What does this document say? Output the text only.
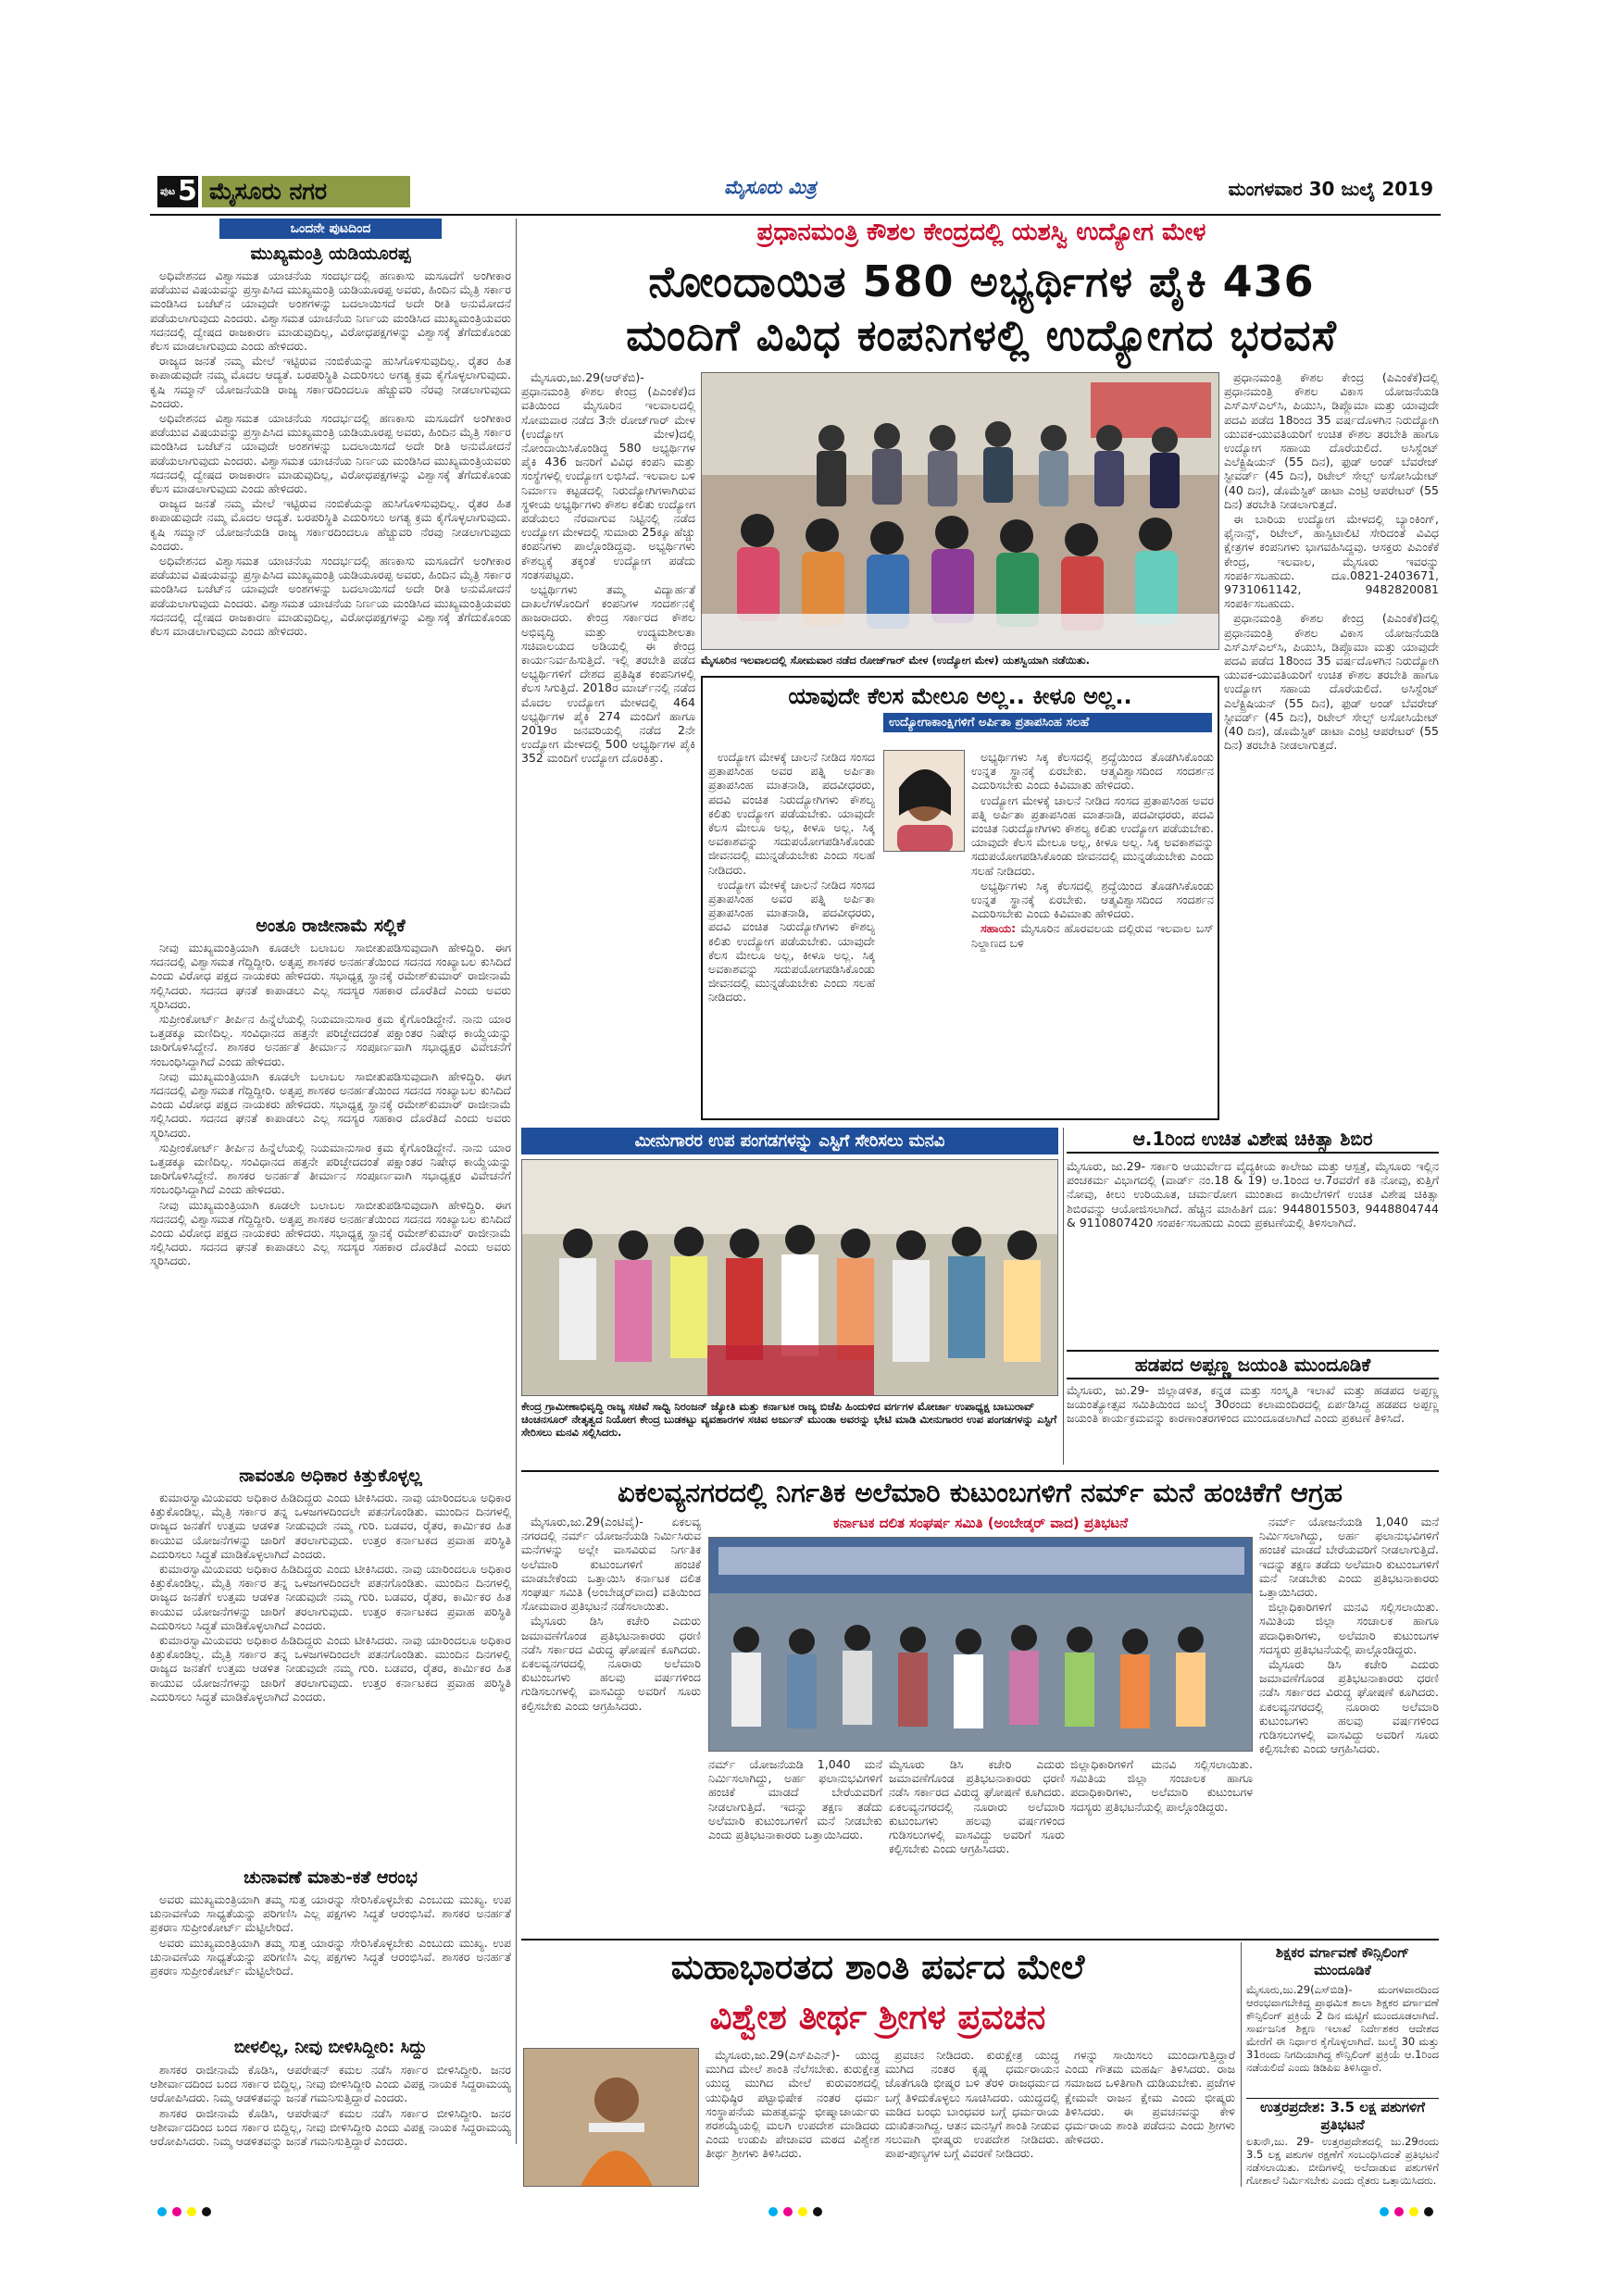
ಪುಟ 5 ಮೈಸೂರು ನಗರ	ಮೈಸೂರು ಮಿತ್ರ	ಮಂಗಳವಾರ 30 ಜುಲೈ 2019
ಒಂದನೇ ಪುಟದಿಂದ
ಮುಖ್ಯಮಂತ್ರಿ ಯಡಿಯೂರಪ್ಪ

ಅಧಿವೇಶನದ ವಿಶ್ವಾಸಮತ ಯಾಚನೆಯ ಸಂದರ್ಭದಲ್ಲಿ ಹಣಕಾಸು ಮಸೂದೆಗೆ ಅಂಗೀಕಾರ ಪಡೆಯುವ ವಿಷಯವನ್ನು ಪ್ರಸ್ತಾಪಿಸಿದ ಮುಖ್ಯಮಂತ್ರಿ ಯಡಿಯೂರಪ್ಪ ಅವರು, ಹಿಂದಿನ ಮೈತ್ರಿ ಸರ್ಕಾರ ಮಂಡಿಸಿದ ಬಜೆಟ್‌ನ ಯಾವುದೇ ಅಂಶಗಳನ್ನು ಬದಲಾಯಿಸದೆ ಅದೇ ರೀತಿ ಅನುಮೋದನೆ ಪಡೆಯಲಾಗುವುದು ಎಂದರು. ವಿಶ್ವಾಸಮತ ಯಾಚನೆಯ ನಿರ್ಣಯ ಮಂಡಿಸಿದ ಮುಖ್ಯಮಂತ್ರಿಯವರು ಸದನದಲ್ಲಿ ದ್ವೇಷದ ರಾಜಕಾರಣ ಮಾಡುವುದಿಲ್ಲ, ವಿರೋಧಪಕ್ಷಗಳನ್ನು ವಿಶ್ವಾಸಕ್ಕೆ ತೆಗೆದುಕೊಂಡು ಕೆಲಸ ಮಾಡಲಾಗುವುದು ಎಂದು ಹೇಳಿದರು.

ರಾಜ್ಯದ ಜನತೆ ನಮ್ಮ ಮೇಲೆ ಇಟ್ಟಿರುವ ನಂಬಿಕೆಯನ್ನು ಹುಸಿಗೊಳಿಸುವುದಿಲ್ಲ. ರೈತರ ಹಿತ ಕಾಪಾಡುವುದೇ ನಮ್ಮ ಮೊದಲ ಆದ್ಯತೆ. ಬರಪರಿಸ್ಥಿತಿ ಎದುರಿಸಲು ಅಗತ್ಯ ಕ್ರಮ ಕೈಗೊಳ್ಳಲಾಗುವುದು. ಕೃಷಿ ಸಮ್ಮಾನ್ ಯೋಜನೆಯಡಿ ರಾಜ್ಯ ಸರ್ಕಾರದಿಂದಲೂ ಹೆಚ್ಚುವರಿ ನೆರವು ನೀಡಲಾಗುವುದು ಎಂದರು.

ಅಧಿವೇಶನದ ವಿಶ್ವಾಸಮತ ಯಾಚನೆಯ ಸಂದರ್ಭದಲ್ಲಿ ಹಣಕಾಸು ಮಸೂದೆಗೆ ಅಂಗೀಕಾರ ಪಡೆಯುವ ವಿಷಯವನ್ನು ಪ್ರಸ್ತಾಪಿಸಿದ ಮುಖ್ಯಮಂತ್ರಿ ಯಡಿಯೂರಪ್ಪ ಅವರು, ಹಿಂದಿನ ಮೈತ್ರಿ ಸರ್ಕಾರ ಮಂಡಿಸಿದ ಬಜೆಟ್‌ನ ಯಾವುದೇ ಅಂಶಗಳನ್ನು ಬದಲಾಯಿಸದೆ ಅದೇ ರೀತಿ ಅನುಮೋದನೆ ಪಡೆಯಲಾಗುವುದು ಎಂದರು. ವಿಶ್ವಾಸಮತ ಯಾಚನೆಯ ನಿರ್ಣಯ ಮಂಡಿಸಿದ ಮುಖ್ಯಮಂತ್ರಿಯವರು ಸದನದಲ್ಲಿ ದ್ವೇಷದ ರಾಜಕಾರಣ ಮಾಡುವುದಿಲ್ಲ, ವಿರೋಧಪಕ್ಷಗಳನ್ನು ವಿಶ್ವಾಸಕ್ಕೆ ತೆಗೆದುಕೊಂಡು ಕೆಲಸ ಮಾಡಲಾಗುವುದು ಎಂದು ಹೇಳಿದರು.

ರಾಜ್ಯದ ಜನತೆ ನಮ್ಮ ಮೇಲೆ ಇಟ್ಟಿರುವ ನಂಬಿಕೆಯನ್ನು ಹುಸಿಗೊಳಿಸುವುದಿಲ್ಲ. ರೈತರ ಹಿತ ಕಾಪಾಡುವುದೇ ನಮ್ಮ ಮೊದಲ ಆದ್ಯತೆ. ಬರಪರಿಸ್ಥಿತಿ ಎದುರಿಸಲು ಅಗತ್ಯ ಕ್ರಮ ಕೈಗೊಳ್ಳಲಾಗುವುದು. ಕೃಷಿ ಸಮ್ಮಾನ್ ಯೋಜನೆಯಡಿ ರಾಜ್ಯ ಸರ್ಕಾರದಿಂದಲೂ ಹೆಚ್ಚುವರಿ ನೆರವು ನೀಡಲಾಗುವುದು ಎಂದರು.

ಅಧಿವೇಶನದ ವಿಶ್ವಾಸಮತ ಯಾಚನೆಯ ಸಂದರ್ಭದಲ್ಲಿ ಹಣಕಾಸು ಮಸೂದೆಗೆ ಅಂಗೀಕಾರ ಪಡೆಯುವ ವಿಷಯವನ್ನು ಪ್ರಸ್ತಾಪಿಸಿದ ಮುಖ್ಯಮಂತ್ರಿ ಯಡಿಯೂರಪ್ಪ ಅವರು, ಹಿಂದಿನ ಮೈತ್ರಿ ಸರ್ಕಾರ ಮಂಡಿಸಿದ ಬಜೆಟ್‌ನ ಯಾವುದೇ ಅಂಶಗಳನ್ನು ಬದಲಾಯಿಸದೆ ಅದೇ ರೀತಿ ಅನುಮೋದನೆ ಪಡೆಯಲಾಗುವುದು ಎಂದರು. ವಿಶ್ವಾಸಮತ ಯಾಚನೆಯ ನಿರ್ಣಯ ಮಂಡಿಸಿದ ಮುಖ್ಯಮಂತ್ರಿಯವರು ಸದನದಲ್ಲಿ ದ್ವೇಷದ ರಾಜಕಾರಣ ಮಾಡುವುದಿಲ್ಲ, ವಿರೋಧಪಕ್ಷಗಳನ್ನು ವಿಶ್ವಾಸಕ್ಕೆ ತೆಗೆದುಕೊಂಡು ಕೆಲಸ ಮಾಡಲಾಗುವುದು ಎಂದು ಹೇಳಿದರು.

ಅಂತೂ ರಾಜೀನಾಮೆ ಸಲ್ಲಿಕೆ

ನೀವು ಮುಖ್ಯಮಂತ್ರಿಯಾಗಿ ಕೂಡಲೇ ಬಲಾಬಲ ಸಾಬೀತುಪಡಿಸುವುದಾಗಿ ಹೇಳಿದ್ದಿರಿ. ಈಗ ಸದನದಲ್ಲಿ ವಿಶ್ವಾಸಮತ ಗೆದ್ದಿದ್ದೀರಿ. ಅತೃಪ್ತ ಶಾಸಕರ ಅನರ್ಹತೆಯಿಂದ ಸದನದ ಸಂಖ್ಯಾಬಲ ಕುಸಿದಿದೆ ಎಂದು ವಿರೋಧ ಪಕ್ಷದ ನಾಯಕರು ಹೇಳಿದರು. ಸಭಾಧ್ಯಕ್ಷ ಸ್ಥಾನಕ್ಕೆ ರಮೇಶ್‌ಕುಮಾರ್ ರಾಜೀನಾಮೆ ಸಲ್ಲಿಸಿದರು. ಸದನದ ಘನತೆ ಕಾಪಾಡಲು ಎಲ್ಲ ಸದಸ್ಯರ ಸಹಕಾರ ದೊರೆತಿದೆ ಎಂದು ಅವರು ಸ್ಮರಿಸಿದರು.

ಸುಪ್ರೀಂಕೋರ್ಟ್ ತೀರ್ಪಿನ ಹಿನ್ನೆಲೆಯಲ್ಲಿ ನಿಯಮಾನುಸಾರ ಕ್ರಮ ಕೈಗೊಂಡಿದ್ದೇನೆ. ನಾನು ಯಾರ ಒತ್ತಡಕ್ಕೂ ಮಣಿದಿಲ್ಲ. ಸಂವಿಧಾನದ ಹತ್ತನೇ ಪರಿಚ್ಛೇದದಂತೆ ಪಕ್ಷಾಂತರ ನಿಷೇಧ ಕಾಯ್ದೆಯನ್ನು ಜಾರಿಗೊಳಿಸಿದ್ದೇನೆ. ಶಾಸಕರ ಅನರ್ಹತೆ ತೀರ್ಮಾನ ಸಂಪೂರ್ಣವಾಗಿ ಸಭಾಧ್ಯಕ್ಷರ ವಿವೇಚನೆಗೆ ಸಂಬಂಧಿಸಿದ್ದಾಗಿದೆ ಎಂದು ಹೇಳಿದರು.

ನೀವು ಮುಖ್ಯಮಂತ್ರಿಯಾಗಿ ಕೂಡಲೇ ಬಲಾಬಲ ಸಾಬೀತುಪಡಿಸುವುದಾಗಿ ಹೇಳಿದ್ದಿರಿ. ಈಗ ಸದನದಲ್ಲಿ ವಿಶ್ವಾಸಮತ ಗೆದ್ದಿದ್ದೀರಿ. ಅತೃಪ್ತ ಶಾಸಕರ ಅನರ್ಹತೆಯಿಂದ ಸದನದ ಸಂಖ್ಯಾಬಲ ಕುಸಿದಿದೆ ಎಂದು ವಿರೋಧ ಪಕ್ಷದ ನಾಯಕರು ಹೇಳಿದರು. ಸಭಾಧ್ಯಕ್ಷ ಸ್ಥಾನಕ್ಕೆ ರಮೇಶ್‌ಕುಮಾರ್ ರಾಜೀನಾಮೆ ಸಲ್ಲಿಸಿದರು. ಸದನದ ಘನತೆ ಕಾಪಾಡಲು ಎಲ್ಲ ಸದಸ್ಯರ ಸಹಕಾರ ದೊರೆತಿದೆ ಎಂದು ಅವರು ಸ್ಮರಿಸಿದರು.

ಸುಪ್ರೀಂಕೋರ್ಟ್ ತೀರ್ಪಿನ ಹಿನ್ನೆಲೆಯಲ್ಲಿ ನಿಯಮಾನುಸಾರ ಕ್ರಮ ಕೈಗೊಂಡಿದ್ದೇನೆ. ನಾನು ಯಾರ ಒತ್ತಡಕ್ಕೂ ಮಣಿದಿಲ್ಲ. ಸಂವಿಧಾನದ ಹತ್ತನೇ ಪರಿಚ್ಛೇದದಂತೆ ಪಕ್ಷಾಂತರ ನಿಷೇಧ ಕಾಯ್ದೆಯನ್ನು ಜಾರಿಗೊಳಿಸಿದ್ದೇನೆ. ಶಾಸಕರ ಅನರ್ಹತೆ ತೀರ್ಮಾನ ಸಂಪೂರ್ಣವಾಗಿ ಸಭಾಧ್ಯಕ್ಷರ ವಿವೇಚನೆಗೆ ಸಂಬಂಧಿಸಿದ್ದಾಗಿದೆ ಎಂದು ಹೇಳಿದರು.

ನೀವು ಮುಖ್ಯಮಂತ್ರಿಯಾಗಿ ಕೂಡಲೇ ಬಲಾಬಲ ಸಾಬೀತುಪಡಿಸುವುದಾಗಿ ಹೇಳಿದ್ದಿರಿ. ಈಗ ಸದನದಲ್ಲಿ ವಿಶ್ವಾಸಮತ ಗೆದ್ದಿದ್ದೀರಿ. ಅತೃಪ್ತ ಶಾಸಕರ ಅನರ್ಹತೆಯಿಂದ ಸದನದ ಸಂಖ್ಯಾಬಲ ಕುಸಿದಿದೆ ಎಂದು ವಿರೋಧ ಪಕ್ಷದ ನಾಯಕರು ಹೇಳಿದರು. ಸಭಾಧ್ಯಕ್ಷ ಸ್ಥಾನಕ್ಕೆ ರಮೇಶ್‌ಕುಮಾರ್ ರಾಜೀನಾಮೆ ಸಲ್ಲಿಸಿದರು. ಸದನದ ಘನತೆ ಕಾಪಾಡಲು ಎಲ್ಲ ಸದಸ್ಯರ ಸಹಕಾರ ದೊರೆತಿದೆ ಎಂದು ಅವರು ಸ್ಮರಿಸಿದರು.

ನಾವಂತೂ ಅಧಿಕಾರ ಕಿತ್ತುಕೊಳ್ಳಲ್ಲ

ಕುಮಾರಸ್ವಾಮಿಯವರು ಅಧಿಕಾರ ಹಿಡಿದಿದ್ದರು ಎಂದು ಟೀಕಿಸಿದರು. ನಾವು ಯಾರಿಂದಲೂ ಅಧಿಕಾರ ಕಿತ್ತುಕೊಂಡಿಲ್ಲ. ಮೈತ್ರಿ ಸರ್ಕಾರ ತನ್ನ ಒಳಜಗಳದಿಂದಲೇ ಪತನಗೊಂಡಿತು. ಮುಂದಿನ ದಿನಗಳಲ್ಲಿ ರಾಜ್ಯದ ಜನತೆಗೆ ಉತ್ತಮ ಆಡಳಿತ ನೀಡುವುದೇ ನಮ್ಮ ಗುರಿ. ಬಡವರ, ರೈತರ, ಕಾರ್ಮಿಕರ ಹಿತ ಕಾಯುವ ಯೋಜನೆಗಳನ್ನು ಜಾರಿಗೆ ತರಲಾಗುವುದು. ಉತ್ತರ ಕರ್ನಾಟಕದ ಪ್ರವಾಹ ಪರಿಸ್ಥಿತಿ ಎದುರಿಸಲು ಸಿದ್ಧತೆ ಮಾಡಿಕೊಳ್ಳಲಾಗಿದೆ ಎಂದರು.

ಕುಮಾರಸ್ವಾಮಿಯವರು ಅಧಿಕಾರ ಹಿಡಿದಿದ್ದರು ಎಂದು ಟೀಕಿಸಿದರು. ನಾವು ಯಾರಿಂದಲೂ ಅಧಿಕಾರ ಕಿತ್ತುಕೊಂಡಿಲ್ಲ. ಮೈತ್ರಿ ಸರ್ಕಾರ ತನ್ನ ಒಳಜಗಳದಿಂದಲೇ ಪತನಗೊಂಡಿತು. ಮುಂದಿನ ದಿನಗಳಲ್ಲಿ ರಾಜ್ಯದ ಜನತೆಗೆ ಉತ್ತಮ ಆಡಳಿತ ನೀಡುವುದೇ ನಮ್ಮ ಗುರಿ. ಬಡವರ, ರೈತರ, ಕಾರ್ಮಿಕರ ಹಿತ ಕಾಯುವ ಯೋಜನೆಗಳನ್ನು ಜಾರಿಗೆ ತರಲಾಗುವುದು. ಉತ್ತರ ಕರ್ನಾಟಕದ ಪ್ರವಾಹ ಪರಿಸ್ಥಿತಿ ಎದುರಿಸಲು ಸಿದ್ಧತೆ ಮಾಡಿಕೊಳ್ಳಲಾಗಿದೆ ಎಂದರು.

ಕುಮಾರಸ್ವಾಮಿಯವರು ಅಧಿಕಾರ ಹಿಡಿದಿದ್ದರು ಎಂದು ಟೀಕಿಸಿದರು. ನಾವು ಯಾರಿಂದಲೂ ಅಧಿಕಾರ ಕಿತ್ತುಕೊಂಡಿಲ್ಲ. ಮೈತ್ರಿ ಸರ್ಕಾರ ತನ್ನ ಒಳಜಗಳದಿಂದಲೇ ಪತನಗೊಂಡಿತು. ಮುಂದಿನ ದಿನಗಳಲ್ಲಿ ರಾಜ್ಯದ ಜನತೆಗೆ ಉತ್ತಮ ಆಡಳಿತ ನೀಡುವುದೇ ನಮ್ಮ ಗುರಿ. ಬಡವರ, ರೈತರ, ಕಾರ್ಮಿಕರ ಹಿತ ಕಾಯುವ ಯೋಜನೆಗಳನ್ನು ಜಾರಿಗೆ ತರಲಾಗುವುದು. ಉತ್ತರ ಕರ್ನಾಟಕದ ಪ್ರವಾಹ ಪರಿಸ್ಥಿತಿ ಎದುರಿಸಲು ಸಿದ್ಧತೆ ಮಾಡಿಕೊಳ್ಳಲಾಗಿದೆ ಎಂದರು.

ಚುನಾವಣೆ ಮಾತು-ಕತೆ ಆರಂಭ

ಅವರು ಮುಖ್ಯಮಂತ್ರಿಯಾಗಿ ತಮ್ಮ ಸುತ್ತ ಯಾರನ್ನು ಸೇರಿಸಿಕೊಳ್ಳಬೇಕು ಎಂಬುದು ಮುಖ್ಯ. ಉಪ ಚುನಾವಣೆಯ ಸಾಧ್ಯತೆಯನ್ನು ಪರಿಗಣಿಸಿ ಎಲ್ಲ ಪಕ್ಷಗಳು ಸಿದ್ಧತೆ ಆರಂಭಿಸಿವೆ. ಶಾಸಕರ ಅನರ್ಹತೆ ಪ್ರಕರಣ ಸುಪ್ರೀಂಕೋರ್ಟ್ ಮೆಟ್ಟಿಲೇರಿದೆ.

ಅವರು ಮುಖ್ಯಮಂತ್ರಿಯಾಗಿ ತಮ್ಮ ಸುತ್ತ ಯಾರನ್ನು ಸೇರಿಸಿಕೊಳ್ಳಬೇಕು ಎಂಬುದು ಮುಖ್ಯ. ಉಪ ಚುನಾವಣೆಯ ಸಾಧ್ಯತೆಯನ್ನು ಪರಿಗಣಿಸಿ ಎಲ್ಲ ಪಕ್ಷಗಳು ಸಿದ್ಧತೆ ಆರಂಭಿಸಿವೆ. ಶಾಸಕರ ಅನರ್ಹತೆ ಪ್ರಕರಣ ಸುಪ್ರೀಂಕೋರ್ಟ್ ಮೆಟ್ಟಿಲೇರಿದೆ.

ಬೀಳಲಿಲ್ಲ, ನೀವು ಬೀಳಿಸಿದ್ದೀರಿ: ಸಿದ್ದು

ಶಾಸಕರ ರಾಜೀನಾಮೆ ಕೊಡಿಸಿ, ಆಪರೇಷನ್ ಕಮಲ ನಡೆಸಿ ಸರ್ಕಾರ ಬೀಳಿಸಿದ್ದೀರಿ. ಜನರ ಆಶೀರ್ವಾದದಿಂದ ಬಂದ ಸರ್ಕಾರ ಬಿದ್ದಿಲ್ಲ, ನೀವು ಬೀಳಿಸಿದ್ದೀರಿ ಎಂದು ವಿಪಕ್ಷ ನಾಯಕ ಸಿದ್ದರಾಮಯ್ಯ ಆರೋಪಿಸಿದರು. ನಿಮ್ಮ ಆಡಳಿತವನ್ನು ಜನತೆ ಗಮನಿಸುತ್ತಿದ್ದಾರೆ ಎಂದರು.

ಶಾಸಕರ ರಾಜೀನಾಮೆ ಕೊಡಿಸಿ, ಆಪರೇಷನ್ ಕಮಲ ನಡೆಸಿ ಸರ್ಕಾರ ಬೀಳಿಸಿದ್ದೀರಿ. ಜನರ ಆಶೀರ್ವಾದದಿಂದ ಬಂದ ಸರ್ಕಾರ ಬಿದ್ದಿಲ್ಲ, ನೀವು ಬೀಳಿಸಿದ್ದೀರಿ ಎಂದು ವಿಪಕ್ಷ ನಾಯಕ ಸಿದ್ದರಾಮಯ್ಯ ಆರೋಪಿಸಿದರು. ನಿಮ್ಮ ಆಡಳಿತವನ್ನು ಜನತೆ ಗಮನಿಸುತ್ತಿದ್ದಾರೆ ಎಂದರು.

ಪ್ರಧಾನಮಂತ್ರಿ ಕೌಶಲ ಕೇಂದ್ರದಲ್ಲಿ ಯಶಸ್ವಿ ಉದ್ಯೋಗ ಮೇಳ
ನೋಂದಾಯಿತ 580 ಅಭ್ಯರ್ಥಿಗಳ ಪೈಕಿ 436
ಮಂದಿಗೆ ವಿವಿಧ ಕಂಪನಿಗಳಲ್ಲಿ ಉದ್ಯೋಗದ ಭರವಸೆ

ಮೈಸೂರು,ಜು.29(ಆರ್‌ಕೆಬಿ)- ಪ್ರಧಾನಮಂತ್ರಿ ಕೌಶಲ ಕೇಂದ್ರ (ಪಿಎಂಕೆಕೆ)ದ ವತಿಯಿಂದ ಮೈಸೂರಿನ ಇಲವಾಲದಲ್ಲಿ ಸೋಮವಾರ ನಡೆದ 3ನೇ ರೋಜ್‌ಗಾರ್ ಮೇಳ (ಉದ್ಯೋಗ ಮೇಳ)ದಲ್ಲಿ ನೋಂದಾಯಿಸಿಕೊಂಡಿದ್ದ 580 ಅಭ್ಯರ್ಥಿಗಳ ಪೈಕಿ 436 ಜನರಿಗೆ ವಿವಿಧ ಕಂಪನಿ ಮತ್ತು ಸಂಸ್ಥೆಗಳಲ್ಲಿ ಉದ್ಯೋಗ ಲಭಿಸಿದೆ. ಇಲವಾಲ ಬಳಿ ನಿರ್ಮಾಣ ಕಟ್ಟಡದಲ್ಲಿ ನಿರುದ್ಯೋಗಿಗಳಾಗಿರುವ ಸ್ಥಳೀಯ ಅಭ್ಯರ್ಥಿಗಳು ಕೌಶಲ ಕಲಿತು ಉದ್ಯೋಗ ಪಡೆಯಲು ನೆರವಾಗುವ ನಿಟ್ಟಿನಲ್ಲಿ ನಡೆದ ಉದ್ಯೋಗ ಮೇಳದಲ್ಲಿ ಸುಮಾರು 25ಕ್ಕೂ ಹೆಚ್ಚು ಕಂಪನಿಗಳು ಪಾಲ್ಗೊಂಡಿದ್ದವು. ಅಭ್ಯರ್ಥಿಗಳು ಕೌಶಲ್ಯಕ್ಕೆ ತಕ್ಕಂತೆ ಉದ್ಯೋಗ ಪಡೆದು ಸಂತಸಪಟ್ಟರು.

ಅಭ್ಯರ್ಥಿಗಳು ತಮ್ಮ ವಿದ್ಯಾರ್ಹತೆ ದಾಖಲೆಗಳೊಂದಿಗೆ ಕಂಪನಿಗಳ ಸಂದರ್ಶನಕ್ಕೆ ಹಾಜರಾದರು. ಕೇಂದ್ರ ಸರ್ಕಾರದ ಕೌಶಲ ಅಭಿವೃದ್ಧಿ ಮತ್ತು ಉದ್ಯಮಶೀಲತಾ ಸಚಿವಾಲಯದ ಅಡಿಯಲ್ಲಿ ಈ ಕೇಂದ್ರ ಕಾರ್ಯನಿರ್ವಹಿಸುತ್ತಿದೆ. ಇಲ್ಲಿ ತರಬೇತಿ ಪಡೆದ ಅಭ್ಯರ್ಥಿಗಳಿಗೆ ದೇಶದ ಪ್ರತಿಷ್ಠಿತ ಕಂಪನಿಗಳಲ್ಲಿ ಕೆಲಸ ಸಿಗುತ್ತಿದೆ. 2018ರ ಮಾರ್ಚ್‌ನಲ್ಲಿ ನಡೆದ ಮೊದಲ ಉದ್ಯೋಗ ಮೇಳದಲ್ಲಿ 464 ಅಭ್ಯರ್ಥಿಗಳ ಪೈಕಿ 274 ಮಂದಿಗೆ ಹಾಗೂ 2019ರ ಜನವರಿಯಲ್ಲಿ ನಡೆದ 2ನೇ ಉದ್ಯೋಗ ಮೇಳದಲ್ಲಿ 500 ಅಭ್ಯರ್ಥಿಗಳ ಪೈಕಿ 352 ಮಂದಿಗೆ ಉದ್ಯೋಗ ದೊರಕಿತ್ತು.

ಮೈಸೂರಿನ ಇಲವಾಲದಲ್ಲಿ ಸೋಮವಾರ ನಡೆದ ರೋಜ್‌ಗಾರ್ ಮೇಳ (ಉದ್ಯೋಗ ಮೇಳ) ಯಶಸ್ವಿಯಾಗಿ ನಡೆಯಿತು.

ಪ್ರಧಾನಮಂತ್ರಿ ಕೌಶಲ ಕೇಂದ್ರ (ಪಿಎಂಕೆಕೆ)ದಲ್ಲಿ ಪ್ರಧಾನಮಂತ್ರಿ ಕೌಶಲ ವಿಕಾಸ ಯೋಜನೆಯಡಿ ಎಸ್‌ಎಸ್‌ಎಲ್‌ಸಿ, ಪಿಯುಸಿ, ಡಿಪ್ಲೊಮಾ ಮತ್ತು ಯಾವುದೇ ಪದವಿ ಪಡೆದ 18ರಿಂದ 35 ವರ್ಷದೊಳಗಿನ ನಿರುದ್ಯೋಗಿ ಯುವಕ-ಯುವತಿಯರಿಗೆ ಉಚಿತ ಕೌಶಲ ತರಬೇತಿ ಹಾಗೂ ಉದ್ಯೋಗ ಸಹಾಯ ದೊರೆಯಲಿದೆ. ಅಸಿಸ್ಟೆಂಟ್ ಎಲೆಕ್ಟ್ರಿಷಿಯನ್ (55 ದಿನ), ಫುಡ್ ಅಂಡ್ ಬೆವರೇಜ್ ಸ್ಟೀವರ್ಡ್ (45 ದಿನ), ರಿಟೇಲ್ ಸೇಲ್ಸ್ ಅಸೋಸಿಯೇಟ್ (40 ದಿನ), ಡೊಮೆಸ್ಟಿಕ್ ಡಾಟಾ ಎಂಟ್ರಿ ಆಪರೇಟರ್ (55 ದಿನ) ತರಬೇತಿ ನೀಡಲಾಗುತ್ತದೆ.

ಈ ಬಾರಿಯ ಉದ್ಯೋಗ ಮೇಳದಲ್ಲಿ ಬ್ಯಾಂಕಿಂಗ್, ಫೈನಾನ್ಸ್, ರಿಟೇಲ್, ಹಾಸ್ಪಿಟಾಲಿಟಿ ಸೇರಿದಂತೆ ವಿವಿಧ ಕ್ಷೇತ್ರಗಳ ಕಂಪನಿಗಳು ಭಾಗವಹಿಸಿದ್ದವು. ಆಸಕ್ತರು ಪಿಎಂಕೆಕೆ ಕೇಂದ್ರ, ಇಲವಾಲ, ಮೈಸೂರು ಇವರನ್ನು ಸಂಪರ್ಕಿಸಬಹುದು. ದೂ.0821-2403671, 9731061142, 9482820081 ಸಂಪರ್ಕಿಸಬಹುದು.

ಪ್ರಧಾನಮಂತ್ರಿ ಕೌಶಲ ಕೇಂದ್ರ (ಪಿಎಂಕೆಕೆ)ದಲ್ಲಿ ಪ್ರಧಾನಮಂತ್ರಿ ಕೌಶಲ ವಿಕಾಸ ಯೋಜನೆಯಡಿ ಎಸ್‌ಎಸ್‌ಎಲ್‌ಸಿ, ಪಿಯುಸಿ, ಡಿಪ್ಲೊಮಾ ಮತ್ತು ಯಾವುದೇ ಪದವಿ ಪಡೆದ 18ರಿಂದ 35 ವರ್ಷದೊಳಗಿನ ನಿರುದ್ಯೋಗಿ ಯುವಕ-ಯುವತಿಯರಿಗೆ ಉಚಿತ ಕೌಶಲ ತರಬೇತಿ ಹಾಗೂ ಉದ್ಯೋಗ ಸಹಾಯ ದೊರೆಯಲಿದೆ. ಅಸಿಸ್ಟೆಂಟ್ ಎಲೆಕ್ಟ್ರಿಷಿಯನ್ (55 ದಿನ), ಫುಡ್ ಅಂಡ್ ಬೆವರೇಜ್ ಸ್ಟೀವರ್ಡ್ (45 ದಿನ), ರಿಟೇಲ್ ಸೇಲ್ಸ್ ಅಸೋಸಿಯೇಟ್ (40 ದಿನ), ಡೊಮೆಸ್ಟಿಕ್ ಡಾಟಾ ಎಂಟ್ರಿ ಆಪರೇಟರ್ (55 ದಿನ) ತರಬೇತಿ ನೀಡಲಾಗುತ್ತದೆ.

ಯಾವುದೇ ಕೆಲಸ ಮೇಲೂ ಅಲ್ಲ.. ಕೀಳೂ ಅಲ್ಲ..
ಉದ್ಯೋಗಾಕಾಂಕ್ಷಿಗಳಿಗೆ ಅರ್ಪಿತಾ ಪ್ರತಾಪಸಿಂಹ ಸಲಹೆ

ಉದ್ಯೋಗ ಮೇಳಕ್ಕೆ ಚಾಲನೆ ನೀಡಿದ ಸಂಸದ ಪ್ರತಾಪಸಿಂಹ ಅವರ ಪತ್ನಿ ಅರ್ಪಿತಾ ಪ್ರತಾಪಸಿಂಹ ಮಾತನಾಡಿ, ಪದವೀಧರರು, ಪದವಿ ವಂಚಿತ ನಿರುದ್ಯೋಗಿಗಳು ಕೌಶಲ್ಯ ಕಲಿತು ಉದ್ಯೋಗ ಪಡೆಯಬೇಕು. ಯಾವುದೇ ಕೆಲಸ ಮೇಲೂ ಅಲ್ಲ, ಕೀಳೂ ಅಲ್ಲ. ಸಿಕ್ಕ ಅವಕಾಶವನ್ನು ಸದುಪಯೋಗಪಡಿಸಿಕೊಂಡು ಜೀವನದಲ್ಲಿ ಮುನ್ನಡೆಯಬೇಕು ಎಂದು ಸಲಹೆ ನೀಡಿದರು.

ಉದ್ಯೋಗ ಮೇಳಕ್ಕೆ ಚಾಲನೆ ನೀಡಿದ ಸಂಸದ ಪ್ರತಾಪಸಿಂಹ ಅವರ ಪತ್ನಿ ಅರ್ಪಿತಾ ಪ್ರತಾಪಸಿಂಹ ಮಾತನಾಡಿ, ಪದವೀಧರರು, ಪದವಿ ವಂಚಿತ ನಿರುದ್ಯೋಗಿಗಳು ಕೌಶಲ್ಯ ಕಲಿತು ಉದ್ಯೋಗ ಪಡೆಯಬೇಕು. ಯಾವುದೇ ಕೆಲಸ ಮೇಲೂ ಅಲ್ಲ, ಕೀಳೂ ಅಲ್ಲ. ಸಿಕ್ಕ ಅವಕಾಶವನ್ನು ಸದುಪಯೋಗಪಡಿಸಿಕೊಂಡು ಜೀವನದಲ್ಲಿ ಮುನ್ನಡೆಯಬೇಕು ಎಂದು ಸಲಹೆ ನೀಡಿದರು.

ಅಭ್ಯರ್ಥಿಗಳು ಸಿಕ್ಕ ಕೆಲಸದಲ್ಲಿ ಶ್ರದ್ಧೆಯಿಂದ ತೊಡಗಿಸಿಕೊಂಡು ಉನ್ನತ ಸ್ಥಾನಕ್ಕೆ ಏರಬೇಕು. ಆತ್ಮವಿಶ್ವಾಸದಿಂದ ಸಂದರ್ಶನ ಎದುರಿಸಬೇಕು ಎಂದು ಕಿವಿಮಾತು ಹೇಳಿದರು.

ಉದ್ಯೋಗ ಮೇಳಕ್ಕೆ ಚಾಲನೆ ನೀಡಿದ ಸಂಸದ ಪ್ರತಾಪಸಿಂಹ ಅವರ ಪತ್ನಿ ಅರ್ಪಿತಾ ಪ್ರತಾಪಸಿಂಹ ಮಾತನಾಡಿ, ಪದವೀಧರರು, ಪದವಿ ವಂಚಿತ ನಿರುದ್ಯೋಗಿಗಳು ಕೌಶಲ್ಯ ಕಲಿತು ಉದ್ಯೋಗ ಪಡೆಯಬೇಕು. ಯಾವುದೇ ಕೆಲಸ ಮೇಲೂ ಅಲ್ಲ, ಕೀಳೂ ಅಲ್ಲ. ಸಿಕ್ಕ ಅವಕಾಶವನ್ನು ಸದುಪಯೋಗಪಡಿಸಿಕೊಂಡು ಜೀವನದಲ್ಲಿ ಮುನ್ನಡೆಯಬೇಕು ಎಂದು ಸಲಹೆ ನೀಡಿದರು.

ಅಭ್ಯರ್ಥಿಗಳು ಸಿಕ್ಕ ಕೆಲಸದಲ್ಲಿ ಶ್ರದ್ಧೆಯಿಂದ ತೊಡಗಿಸಿಕೊಂಡು ಉನ್ನತ ಸ್ಥಾನಕ್ಕೆ ಏರಬೇಕು. ಆತ್ಮವಿಶ್ವಾಸದಿಂದ ಸಂದರ್ಶನ ಎದುರಿಸಬೇಕು ಎಂದು ಕಿವಿಮಾತು ಹೇಳಿದರು.

ಸಹಾಯ: ಮೈಸೂರಿನ ಹೊರವಲಯ ದಲ್ಲಿರುವ ಇಲವಾಲ ಬಸ್ ನಿಲ್ದಾಣದ ಬಳಿ

ಮೀನುಗಾರರ ಉಪ ಪಂಗಡಗಳನ್ನು ಎಸ್ಟಿಗೆ ಸೇರಿಸಲು ಮನವಿ
ಕೇಂದ್ರ ಗ್ರಾಮೀಣಾಭಿವೃದ್ಧಿ ರಾಜ್ಯ ಸಚಿವೆ ಸಾಧ್ವಿ ನಿರಂಜನ್ ಜ್ಯೋತಿ ಮತ್ತು ಕರ್ನಾಟಕ ರಾಜ್ಯ ಬಿಜೆಪಿ ಹಿಂದುಳಿದ ವರ್ಗಗಳ ಮೋರ್ಚಾ ಉಪಾಧ್ಯಕ್ಷ ಬಾಬುರಾವ್ ಚಿಂಚನಸೂರ್ ನೇತೃತ್ವದ ನಿಯೋಗ ಕೇಂದ್ರ ಬುಡಕಟ್ಟು ವ್ಯವಹಾರಗಳ ಸಚಿವ ಅರ್ಜುನ್ ಮುಂಡಾ ಅವರನ್ನು ಭೇಟಿ ಮಾಡಿ ಮೀನುಗಾರರ ಉಪ ಪಂಗಡಗಳನ್ನು ಎಸ್ಟಿಗೆ ಸೇರಿಸಲು ಮನವಿ ಸಲ್ಲಿಸಿದರು.
ಆ.1ರಿಂದ ಉಚಿತ ವಿಶೇಷ ಚಿಕಿತ್ಸಾ ಶಿಬಿರ
ಮೈಸೂರು, ಜು.29- ಸರ್ಕಾರಿ ಆಯುರ್ವೇದ ವೈದ್ಯಕೀಯ ಕಾಲೇಜು ಮತ್ತು ಆಸ್ಪತ್ರೆ, ಮೈಸೂರು ಇಲ್ಲಿನ ಪಂಚಕರ್ಮ ವಿಭಾಗದಲ್ಲಿ (ವಾರ್ಡ್ ನಂ.18 & 19) ಆ.1ರಿಂದ ಆ.7ರವರೆಗೆ ಕತಿ ನೋವು, ಕುತ್ತಿಗೆ ನೋವು, ಕೀಲು ಉರಿಯೂತ, ಚರ್ಮರೋಗ ಮುಂತಾದ ಕಾಯಿಲೆಗಳಿಗೆ ಉಚಿತ ವಿಶೇಷ ಚಿಕಿತ್ಸಾ ಶಿಬಿರವನ್ನು ಆಯೋಜಿಸಲಾಗಿದೆ. ಹೆಚ್ಚಿನ ಮಾಹಿತಿಗೆ ದೂ: 9448015503, 9448804744 & 9110807420 ಸಂಪರ್ಕಿಸಬಹುದು ಎಂದು ಪ್ರಕಟಣೆಯಲ್ಲಿ ತಿಳಿಸಲಾಗಿದೆ.
ಹಡಪದ ಅಪ್ಪಣ್ಣ ಜಯಂತಿ ಮುಂದೂಡಿಕೆ
ಮೈಸೂರು, ಜು.29- ಜಿಲ್ಲಾಡಳಿತ, ಕನ್ನಡ ಮತ್ತು ಸಂಸ್ಕೃತಿ ಇಲಾಖೆ ಮತ್ತು ಹಡಪದ ಅಪ್ಪಣ್ಣ ಜಯಂತ್ಯೋತ್ಸವ ಸಮಿತಿಯಿಂದ ಜುಲೈ 30ರಂದು ಕಲಾಮಂದಿರದಲ್ಲಿ ಏರ್ಪಡಿಸಿದ್ದ ಹಡಪದ ಅಪ್ಪಣ್ಣ ಜಯಂತಿ ಕಾರ್ಯಕ್ರಮವನ್ನು ಕಾರಣಾಂತರಗಳಿಂದ ಮುಂದೂಡಲಾಗಿದೆ ಎಂದು ಪ್ರಕಟಣೆ ತಿಳಿಸಿದೆ.
ಏಕಲವ್ಯನಗರದಲ್ಲಿ ನಿರ್ಗತಿಕ ಅಲೆಮಾರಿ ಕುಟುಂಬಗಳಿಗೆ ನರ್ಮ್ ಮನೆ ಹಂಚಿಕೆಗೆ ಆಗ್ರಹ

ಮೈಸೂರು,ಜು.29(ಎಂಟಿವೈ)- ಏಕಲವ್ಯ ನಗರದಲ್ಲಿ ನರ್ಮ್ ಯೋಜನೆಯಡಿ ನಿರ್ಮಿಸಿರುವ ಮನೆಗಳನ್ನು ಅಲ್ಲೇ ವಾಸವಿರುವ ನಿರ್ಗತಿಕ ಅಲೆಮಾರಿ ಕುಟುಂಬಗಳಿಗೆ ಹಂಚಿಕೆ ಮಾಡಬೇಕೆಂದು ಒತ್ತಾಯಿಸಿ ಕರ್ನಾಟಕ ದಲಿತ ಸಂಘರ್ಷ ಸಮಿತಿ (ಅಂಬೇಡ್ಕರ್‌ವಾದ) ವತಿಯಿಂದ ಸೋಮವಾರ ಪ್ರತಿಭಟನೆ ನಡೆಸಲಾಯಿತು.

ಮೈಸೂರು ಡಿಸಿ ಕಚೇರಿ ಎದುರು ಜಮಾವಣೆಗೊಂಡ ಪ್ರತಿಭಟನಾಕಾರರು ಧರಣಿ ನಡೆಸಿ ಸರ್ಕಾರದ ವಿರುದ್ಧ ಘೋಷಣೆ ಕೂಗಿದರು. ಏಕಲವ್ಯನಗರದಲ್ಲಿ ನೂರಾರು ಅಲೆಮಾರಿ ಕುಟುಂಬಗಳು ಹಲವು ವರ್ಷಗಳಿಂದ ಗುಡಿಸಲುಗಳಲ್ಲಿ ವಾಸವಿದ್ದು ಅವರಿಗೆ ಸೂರು ಕಲ್ಪಿಸಬೇಕು ಎಂದು ಆಗ್ರಹಿಸಿದರು.

ಕರ್ನಾಟಕ ದಲಿತ ಸಂಘರ್ಷ ಸಮಿತಿ (ಅಂಬೇಡ್ಕರ್ ವಾದ) ಪ್ರತಿಭಟನೆ
ನರ್ಮ್ ಯೋಜನೆಯಡಿ 1,040 ಮನೆ ನಿರ್ಮಿಸಲಾಗಿದ್ದು, ಅರ್ಹ ಫಲಾನುಭವಿಗಳಿಗೆ ಹಂಚಿಕೆ ಮಾಡದೆ ಬೇರೆಯವರಿಗೆ ನೀಡಲಾಗುತ್ತಿದೆ. ಇದನ್ನು ತಕ್ಷಣ ತಡೆದು ಅಲೆಮಾರಿ ಕುಟುಂಬಗಳಿಗೆ ಮನೆ ನೀಡಬೇಕು ಎಂದು ಪ್ರತಿಭಟನಾಕಾರರು ಒತ್ತಾಯಿಸಿದರು.
ಮೈಸೂರು ಡಿಸಿ ಕಚೇರಿ ಎದುರು ಜಮಾವಣೆಗೊಂಡ ಪ್ರತಿಭಟನಾಕಾರರು ಧರಣಿ ನಡೆಸಿ ಸರ್ಕಾರದ ವಿರುದ್ಧ ಘೋಷಣೆ ಕೂಗಿದರು. ಏಕಲವ್ಯನಗರದಲ್ಲಿ ನೂರಾರು ಅಲೆಮಾರಿ ಕುಟುಂಬಗಳು ಹಲವು ವರ್ಷಗಳಿಂದ ಗುಡಿಸಲುಗಳಲ್ಲಿ ವಾಸವಿದ್ದು ಅವರಿಗೆ ಸೂರು ಕಲ್ಪಿಸಬೇಕು ಎಂದು ಆಗ್ರಹಿಸಿದರು.
ಜಿಲ್ಲಾಧಿಕಾರಿಗಳಿಗೆ ಮನವಿ ಸಲ್ಲಿಸಲಾಯಿತು. ಸಮಿತಿಯ ಜಿಲ್ಲಾ ಸಂಚಾಲಕ ಹಾಗೂ ಪದಾಧಿಕಾರಿಗಳು, ಅಲೆಮಾರಿ ಕುಟುಂಬಗಳ ಸದಸ್ಯರು ಪ್ರತಿಭಟನೆಯಲ್ಲಿ ಪಾಲ್ಗೊಂಡಿದ್ದರು.

ನರ್ಮ್ ಯೋಜನೆಯಡಿ 1,040 ಮನೆ ನಿರ್ಮಿಸಲಾಗಿದ್ದು, ಅರ್ಹ ಫಲಾನುಭವಿಗಳಿಗೆ ಹಂಚಿಕೆ ಮಾಡದೆ ಬೇರೆಯವರಿಗೆ ನೀಡಲಾಗುತ್ತಿದೆ. ಇದನ್ನು ತಕ್ಷಣ ತಡೆದು ಅಲೆಮಾರಿ ಕುಟುಂಬಗಳಿಗೆ ಮನೆ ನೀಡಬೇಕು ಎಂದು ಪ್ರತಿಭಟನಾಕಾರರು ಒತ್ತಾಯಿಸಿದರು.

ಜಿಲ್ಲಾಧಿಕಾರಿಗಳಿಗೆ ಮನವಿ ಸಲ್ಲಿಸಲಾಯಿತು. ಸಮಿತಿಯ ಜಿಲ್ಲಾ ಸಂಚಾಲಕ ಹಾಗೂ ಪದಾಧಿಕಾರಿಗಳು, ಅಲೆಮಾರಿ ಕುಟುಂಬಗಳ ಸದಸ್ಯರು ಪ್ರತಿಭಟನೆಯಲ್ಲಿ ಪಾಲ್ಗೊಂಡಿದ್ದರು.

ಮೈಸೂರು ಡಿಸಿ ಕಚೇರಿ ಎದುರು ಜಮಾವಣೆಗೊಂಡ ಪ್ರತಿಭಟನಾಕಾರರು ಧರಣಿ ನಡೆಸಿ ಸರ್ಕಾರದ ವಿರುದ್ಧ ಘೋಷಣೆ ಕೂಗಿದರು. ಏಕಲವ್ಯನಗರದಲ್ಲಿ ನೂರಾರು ಅಲೆಮಾರಿ ಕುಟುಂಬಗಳು ಹಲವು ವರ್ಷಗಳಿಂದ ಗುಡಿಸಲುಗಳಲ್ಲಿ ವಾಸವಿದ್ದು ಅವರಿಗೆ ಸೂರು ಕಲ್ಪಿಸಬೇಕು ಎಂದು ಆಗ್ರಹಿಸಿದರು.

ಮಹಾಭಾರತದ ಶಾಂತಿ ಪರ್ವದ ಮೇಲೆ
ವಿಶ್ವೇಶ ತೀರ್ಥ ಶ್ರೀಗಳ ಪ್ರವಚನ

ಮೈಸೂರು,ಜು.29(ಎಸ್‌ಪಿಎನ್)- ಯುದ್ಧ ಮುಗಿದ ಮೇಲೆ ಶಾಂತಿ ನೆಲೆಸಬೇಕು. ಕುರುಕ್ಷೇತ್ರ ಯುದ್ಧ ಮುಗಿದ ಮೇಲೆ ಕುರುವಂಶದಲ್ಲಿ ಯುಧಿಷ್ಠಿರ ಪಟ್ಟಾಭಿಷೇಕ ನಂತರ ಧರ್ಮ ಸಂಸ್ಥಾಪನೆಯ ಮಹತ್ವವನ್ನು ಭೀಷ್ಮಾಚಾರ್ಯರು ಶರಶಯ್ಯೆಯಲ್ಲಿ ಮಲಗಿ ಉಪದೇಶ ಮಾಡಿದರು ಎಂದು ಉಡುಪಿ ಪೇಜಾವರ ಮಠದ ವಿಶ್ವೇಶ ತೀರ್ಥ ಶ್ರೀಗಳು ತಿಳಿಸಿದರು.

ಪ್ರವಚನ ನೀಡಿದರು. ಕುರುಕ್ಷೇತ್ರ ಯುದ್ಧ ಮುಗಿದ ನಂತರ ಕೃಷ್ಣ ಧರ್ಮರಾಯನ ಜೊತೆಗೂಡಿ ಭೀಷ್ಮರ ಬಳಿ ತೆರಳಿ ರಾಜಧರ್ಮದ ಬಗ್ಗೆ ತಿಳಿದುಕೊಳ್ಳಲು ಸೂಚಿಸಿದರು. ಯುದ್ಧದಲ್ಲಿ ಮಡಿದ ಬಂಧು ಬಾಂಧವರ ಬಗ್ಗೆ ಧರ್ಮರಾಯ ದುಃಖಿತನಾಗಿದ್ದ. ಆತನ ಮನಸ್ಸಿಗೆ ಶಾಂತಿ ನೀಡುವ ಸಲುವಾಗಿ ಭೀಷ್ಮರು ಉಪದೇಶ ನೀಡಿದರು. ಪಾಪ-ಪುಣ್ಯಗಳ ಬಗ್ಗೆ ವಿವರಣೆ ನೀಡಿದರು.

ಗಳನ್ನು ಸಾಯಿಸಲು ಮುಂದಾಗುತ್ತಿದ್ದಾರೆ ಎಂದು ಗೌತಮ ಮಹರ್ಷಿ ತಿಳಿಸಿದರು. ರಾಜ ಸಮಾಜದ ಒಳಿತಿಗಾಗಿ ದುಡಿಯಬೇಕು. ಪ್ರಜೆಗಳ ಕ್ಷೇಮವೇ ರಾಜನ ಕ್ಷೇಮ ಎಂದು ಭೀಷ್ಮರು ತಿಳಿಸಿದರು. ಈ ಪ್ರವಚನವನ್ನು ಕೇಳಿ ಧರ್ಮರಾಯ ಶಾಂತಿ ಪಡೆದನು ಎಂದು ಶ್ರೀಗಳು ಹೇಳಿದರು.

ಶಿಕ್ಷಕರ ವರ್ಗಾವಣೆ ಕೌನ್ಸಿಲಿಂಗ್ ಮುಂದೂಡಿಕೆ
ಮೈಸೂರು,ಜು.29(ಎಸ್‌ಬಿಡಿ)- ಮಂಗಳವಾರದಿಂದ ಆರಂಭವಾಗಬೇಕಿದ್ದ ಪ್ರಾಥಮಿಕ ಶಾಲಾ ಶಿಕ್ಷಕರ ವರ್ಗಾವಣೆ ಕೌನ್ಸಿಲಿಂಗ್ ಪ್ರಕ್ರಿಯೆ 2 ದಿನ ಮಟ್ಟಿಗೆ ಮುಂದೂಡಲಾಗಿದೆ. ಸಾರ್ವಜನಿಕ ಶಿಕ್ಷಣ ಇಲಾಖೆ ನಿರ್ದೇಶಕರ ಆದೇಶದ ಮೇರೆಗೆ ಈ ನಿರ್ಧಾರ ಕೈಗೊಳ್ಳಲಾಗಿದೆ. ಜುಲೈ 30 ಮತ್ತು 31ರಂದು ನಿಗದಿಯಾಗಿದ್ದ ಕೌನ್ಸಿಲಿಂಗ್ ಪ್ರಕ್ರಿಯೆ ಆ.1ರಿಂದ ನಡೆಯಲಿದೆ ಎಂದು ಡಿಡಿಪಿಐ ತಿಳಿಸಿದ್ದಾರೆ.
ಉತ್ತರಪ್ರದೇಶ: 3.5 ಲಕ್ಷ ಪಶುಗಳಿಗೆ ಪ್ರತಿಭಟನೆ
ಲಖನೌ,ಜು. 29- ಉತ್ತರಪ್ರದೇಶದಲ್ಲಿ ಜು.29ರಂದು 3.5 ಲಕ್ಷ ಪಶುಗಳ ರಕ್ಷಣೆಗೆ ಸಂಬಂಧಿಸಿದಂತೆ ಪ್ರತಿಭಟನೆ ನಡೆಸಲಾಯಿತು. ಬೀದಿಗಳಲ್ಲಿ ಅಲೆದಾಡುವ ಪಶುಗಳಿಗೆ ಗೋಶಾಲೆ ನಿರ್ಮಿಸಬೇಕು ಎಂದು ರೈತರು ಒತ್ತಾಯಿಸಿದರು.
